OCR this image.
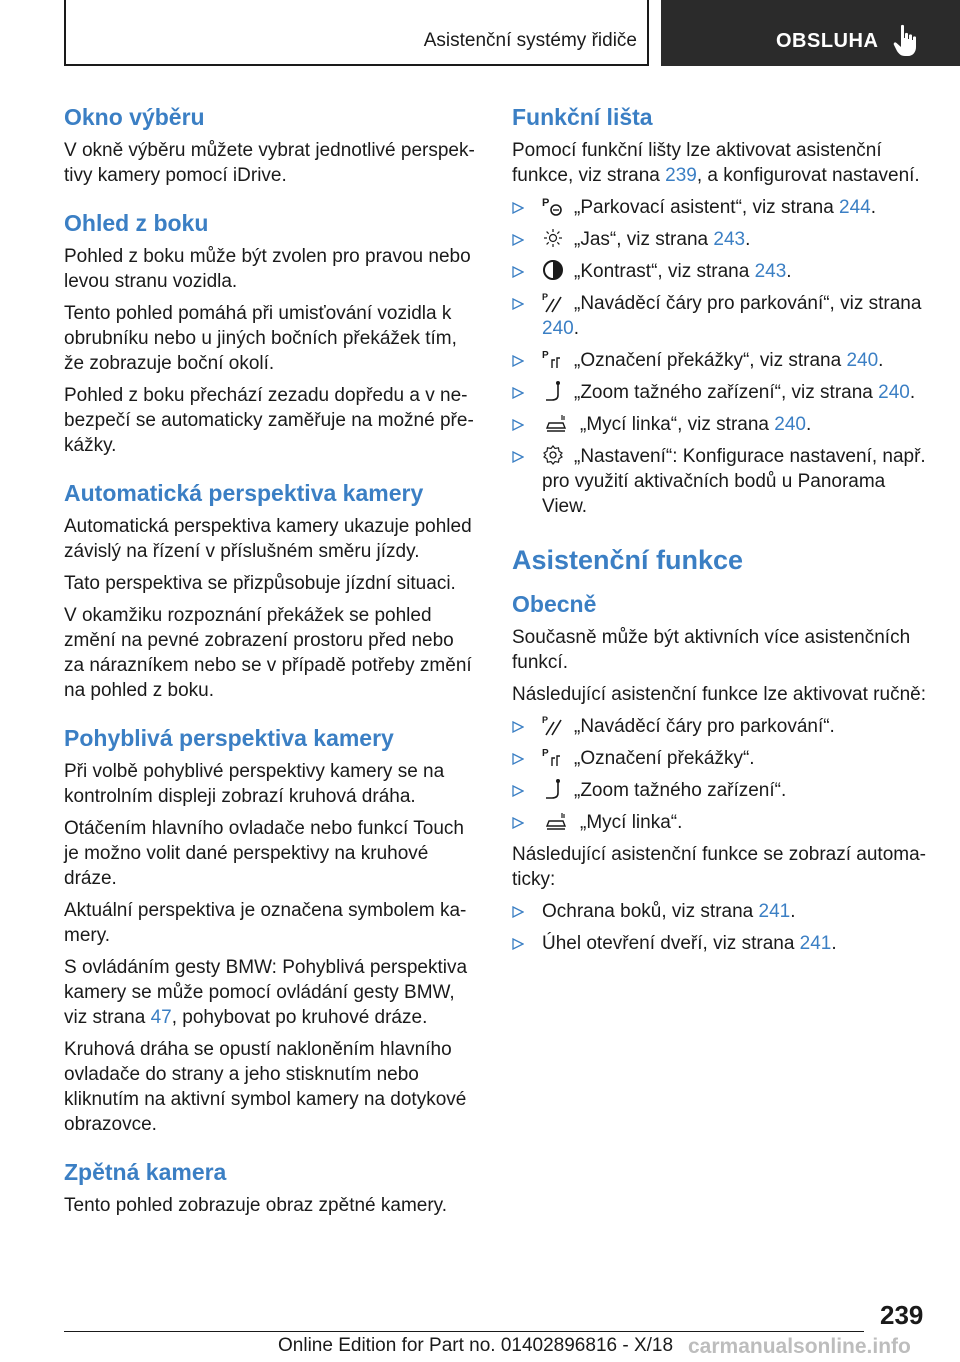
Asistenční systémy řidiče	OBSLUHA
Okno výběru

V okně výběru můžete vybrat jednotlivé perspektivy kamery pomocí iDrive.

Ohled z boku

Pohled z boku může být zvolen pro pravou nebo levou stranu vozidla.

Tento pohled pomáhá při umisťování vozidla k obrubníku nebo u jiných bočních překážek tím, že zobrazuje boční okolí.

Pohled z boku přechází zezadu dopředu a v nebezpečí se automaticky zaměřuje na možné překážky.

Automatická perspektiva kamery

Automatická perspektiva kamery ukazuje pohled závislý na řízení v příslušném směru jízdy.

Tato perspektiva se přizpůsobuje jízdní situaci.

V okamžiku rozpoznání překážek se pohled změní na pevné zobrazení prostoru před nebo za nárazníkem nebo se v případě potřeby změní na pohled z boku.

Pohyblivá perspektiva kamery

Při volbě pohyblivé perspektivy kamery se na kontrolním displeji zobrazí kruhová dráha.

Otáčením hlavního ovladače nebo funkcí Touch je možno volit dané perspektivy na kruhové dráze.

Aktuální perspektiva je označena symbolem kamery.

S ovládáním gesty BMW: Pohyblivá perspektiva kamery se může pomocí ovládání gesty BMW, viz strana 47, pohybovat po kruhové dráze.

Kruhová dráha se opustí nakloněním hlavního ovladače do strany a jeho stisknutím nebo kliknutím na aktivní symbol kamery na dotykové obrazovce.

Zpětná kamera

Tento pohled zobrazuje obraz zpětné kamery.

Funkční lišta

Pomocí funkční lišty lze aktivovat asistenční funkce, viz strana 239, a konfigurovat nastavení.

P „Parkovací asistent“, viz strana 244.
„Jas“, viz strana 243.
„Kontrast“, viz strana 243.
P „Naváděcí čáry pro parkování“, viz strana 240.
P „Označení překážky“, viz strana 240.
„Zoom tažného zařízení“, viz strana 240.
„Mycí linka“, viz strana 240.
„Nastavení“: Konfigurace nastavení, např. pro využití aktivačních bodů u Panorama View.
Asistenční funkce
Obecně

Současně může být aktivních více asistenčních funkcí.

Následující asistenční funkce lze aktivovat ručně:

P „Naváděcí čáry pro parkování“.
P „Označení překážky“.
„Zoom tažného zařízení“.
„Mycí linka“.

Následující asistenční funkce se zobrazí automaticky:

Ochrana boků, viz strana 241.
Úhel otevření dveří, viz strana 241.
239
Online Edition for Part no. 01402896816 - X/18 carmanualsonline.info
